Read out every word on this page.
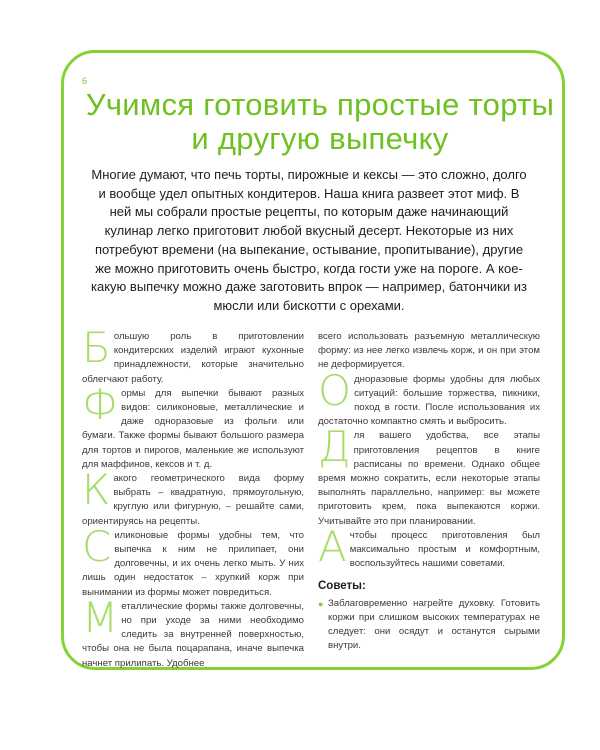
6
Учимся готовить простые торты и другую выпечку

Многие думают, что печь торты, пирожные и кексы — это сложно, долго и вообще удел опытных кондитеров. Наша книга развеет этот миф. В ней мы собрали простые рецепты, по которым даже начинающий кулинар легко приготовит любой вкусный десерт. Некоторые из них потребуют времени (на выпекание, остывание, пропитывание), другие же можно приготовить очень быстро, когда гости уже на пороге. А кое-какую выпечку можно даже заготовить впрок — например, батончики из мюсли или бискотти с орехами.

Большую роль в приготовлении кондитерских изделий играют кухонные принадлежности, которые значительно облегчают работу.

Формы для выпечки бывают разных видов: силиконовые, металлические и даже одноразовые из фольги или бумаги. Также формы бывают большого размера для тортов и пирогов, маленькие же используют для маффинов, кексов и т. д.

Какого геометрического вида форму выбрать – квадратную, прямоугольную, круглую или фигурную, – решайте сами, ориентируясь на рецепты.

Силиконовые формы удобны тем, что выпечка к ним не прилипает, они долговечны, и их очень легко мыть. У них лишь один недостаток – хрупкий корж при вынимании из формы может повредиться.

Металлические формы также долговечны, но при уходе за ними необходимо следить за внутренней поверхностью, чтобы она не была поцарапана, иначе выпечка начнет прилипать. Удобнее

всего использовать разъемную металлическую форму: из нее легко извлечь корж, и он при этом не деформируется.

Одноразовые формы удобны для любых ситуаций: большие торжества, пикники, поход в гости. После использования их достаточно компактно смять и выбросить.

Для вашего удобства, все этапы приготовления рецептов в книге расписаны по времени. Однако общее время можно сократить, если некоторые этапы выполнять параллельно, например: вы можете приготовить крем, пока выпекаются коржи. Учитывайте это при планировании.

Ачтобы процесс приготовления был максимально простым и комфортным, воспользуйтесь нашими советами.

Советы:
● Заблаговременно нагрейте духовку. Готовить коржи при слишком высоких температурах не следует: они осядут и останутся сырыми внутри.
